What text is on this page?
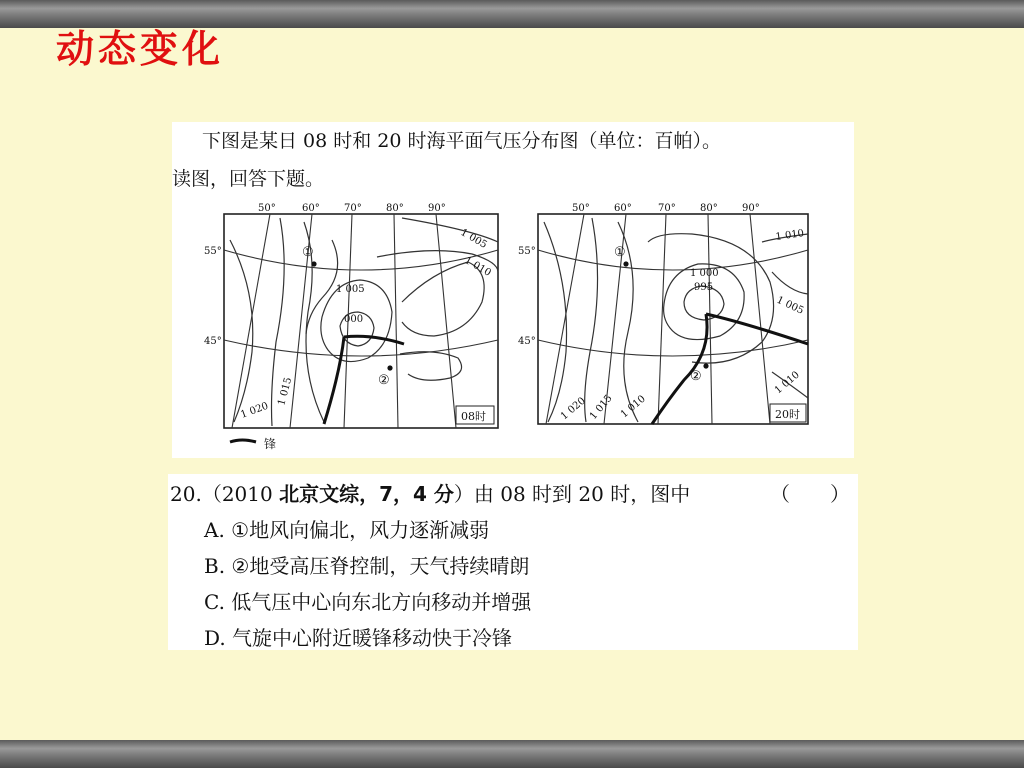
动态变化
下图是某日 08 时和 20 时海平面气压分布图（单位：百帕）。
读图，回答下题。
50°	60° 70° 80° 90°
55°
45°
1 005
1 010
1 005
000
1 015
1 020
①
②
08时
50° 60°	70° 80° 90°
55°
45°
1 010
1 000
995
1 005
1 010
1 020 1 015 1 010
①
②
20时
锋
20.（2010 北京文综，7，4 分）由 08 时到 20 时，图中	（　　）
A. ①地风向偏北，风力逐渐减弱
B. ②地受高压脊控制，天气持续晴朗
C. 低气压中心向东北方向移动并增强
D. 气旋中心附近暖锋移动快于冷锋
